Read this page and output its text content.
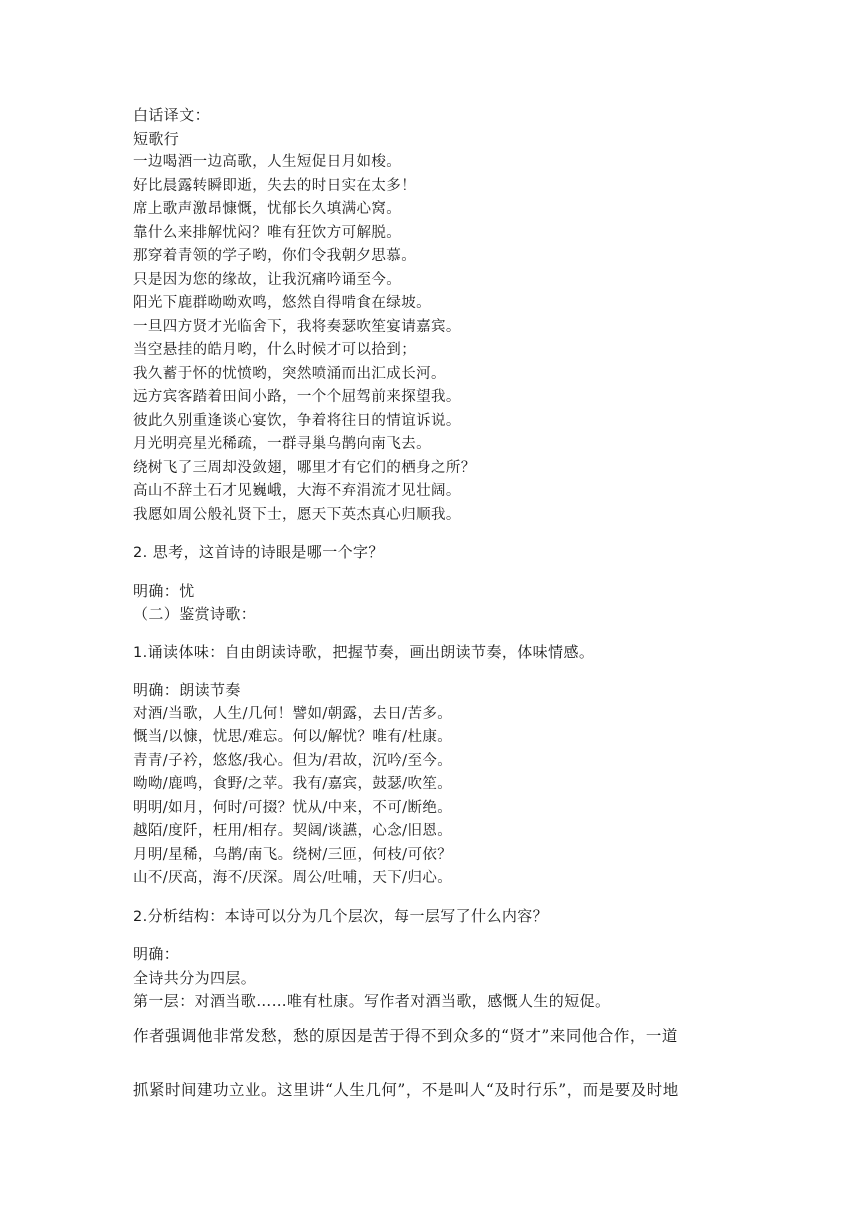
白话译文：
短歌行
一边喝酒一边高歌，人生短促日月如梭。
好比晨露转瞬即逝，失去的时日实在太多！
席上歌声激昂慷慨，忧郁长久填满心窝。
靠什么来排解忧闷？唯有狂饮方可解脱。
那穿着青领的学子哟，你们令我朝夕思慕。
只是因为您的缘故，让我沉痛吟诵至今。
阳光下鹿群呦呦欢鸣，悠然自得啃食在绿坡。
一旦四方贤才光临舍下，我将奏瑟吹笙宴请嘉宾。
当空悬挂的皓月哟，什么时候才可以拾到；
我久蓄于怀的忧愤哟，突然喷涌而出汇成长河。
远方宾客踏着田间小路，一个个屈驾前来探望我。
彼此久别重逢谈心宴饮，争着将往日的情谊诉说。
月光明亮星光稀疏，一群寻巢乌鹊向南飞去。
绕树飞了三周却没敛翅，哪里才有它们的栖身之所？
高山不辞土石才见巍峨，大海不弃涓流才见壮阔。
我愿如周公般礼贤下士，愿天下英杰真心归顺我。
2. 思考，这首诗的诗眼是哪一个字？
明确：忧
（二）鉴赏诗歌：
1.诵读体味：自由朗读诗歌，把握节奏，画出朗读节奏，体味情感。
明确：朗读节奏
对酒/当歌，人生/几何！譬如/朝露，去日/苦多。
慨当/以慷，忧思/难忘。何以/解忧？唯有/杜康。
青青/子衿，悠悠/我心。但为/君故，沉吟/至今。
呦呦/鹿鸣，食野/之苹。我有/嘉宾，鼓瑟/吹笙。
明明/如月，何时/可掇？忧从/中来，不可/断绝。
越陌/度阡，枉用/相存。契阔/谈讌，心念/旧恩。
月明/星稀，乌鹊/南飞。绕树/三匝，何枝/可依？
山不/厌高，海不/厌深。周公/吐哺，天下/归心。
2.分析结构：本诗可以分为几个层次，每一层写了什么内容？
明确：
全诗共分为四层。
第一层：对酒当歌……唯有杜康。写作者对酒当歌，感慨人生的短促。
作者强调他非常发愁，愁的原因是苦于得不到众多的“贤才”来同他合作，一道
抓紧时间建功立业。这里讲“人生几何”，不是叫人“及时行乐”，而是要及时地
